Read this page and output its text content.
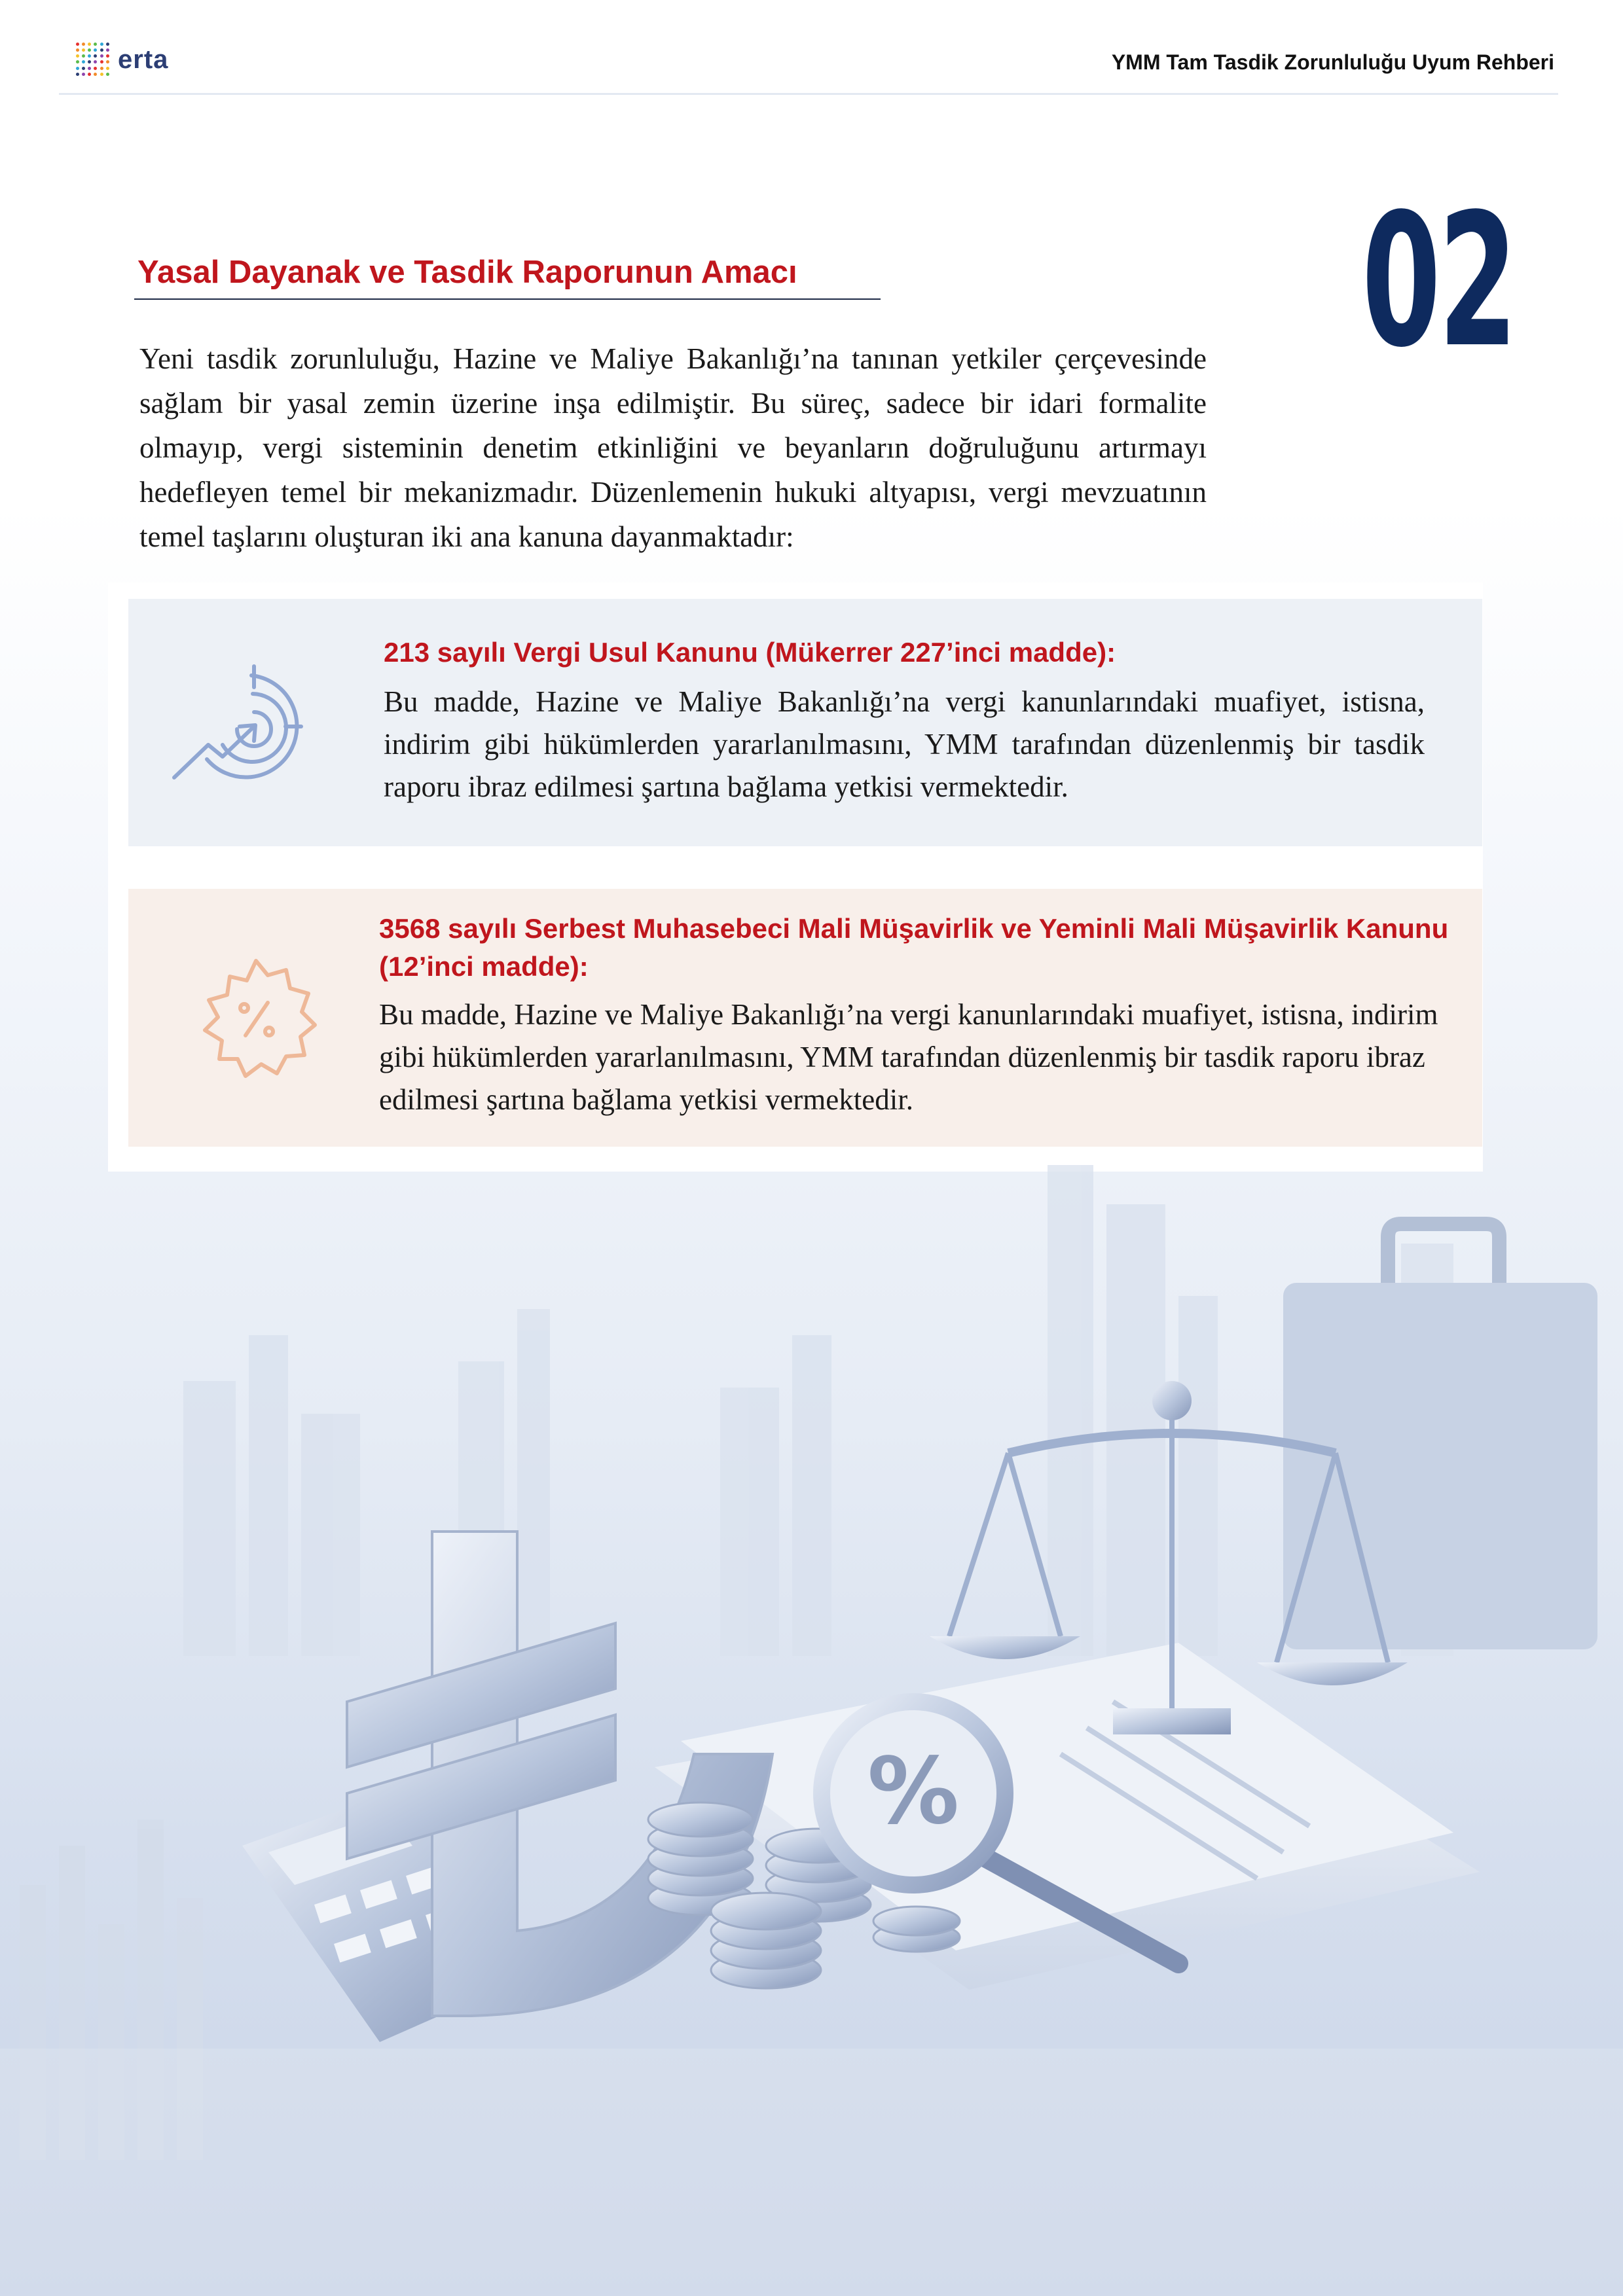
erta	YMM Tam Tasdik Zorunluluğu Uyum Rehberi
02
Yasal Dayanak ve Tasdik Raporunun Amacı
Yeni tasdik zorunluluğu, Hazine ve Maliye Bakanlığı’na tanınan yetkiler çerçevesinde sağlam bir yasal zemin üzerine inşa edilmiştir. Bu süreç, sadece bir idari formalite olmayıp, vergi sisteminin denetim etkinliğini ve beyanların doğruluğunu artırmayı hedefleyen temel bir mekanizmadır. Düzenlemenin hukuki altyapısı, vergi mevzuatının temel taşlarını oluşturan iki ana kanuna dayanmaktadır:
213 sayılı Vergi Usul Kanunu (Mükerrer 227’inci madde):
Bu madde, Hazine ve Maliye Bakanlığı’na vergi kanunlarındaki muafiyet, istisna, indirim gibi hükümlerden yararlanılmasını, YMM tarafından düzenlenmiş bir tasdik raporu ibraz edilmesi şartına bağlama yetkisi vermektedir.
3568 sayılı Serbest Muhasebeci Mali Müşavirlik ve Yeminli Mali Müşavirlik Kanunu (12’inci madde):
Bu madde, Hazine ve Maliye Bakanlığı’na vergi kanunlarındaki muafiyet, istisna, indirim gibi hükümlerden yararlanılmasını, YMM tarafından düzenlenmiş bir tasdik raporu ibraz edilmesi şartına bağlama yetkisi vermektedir.
%
